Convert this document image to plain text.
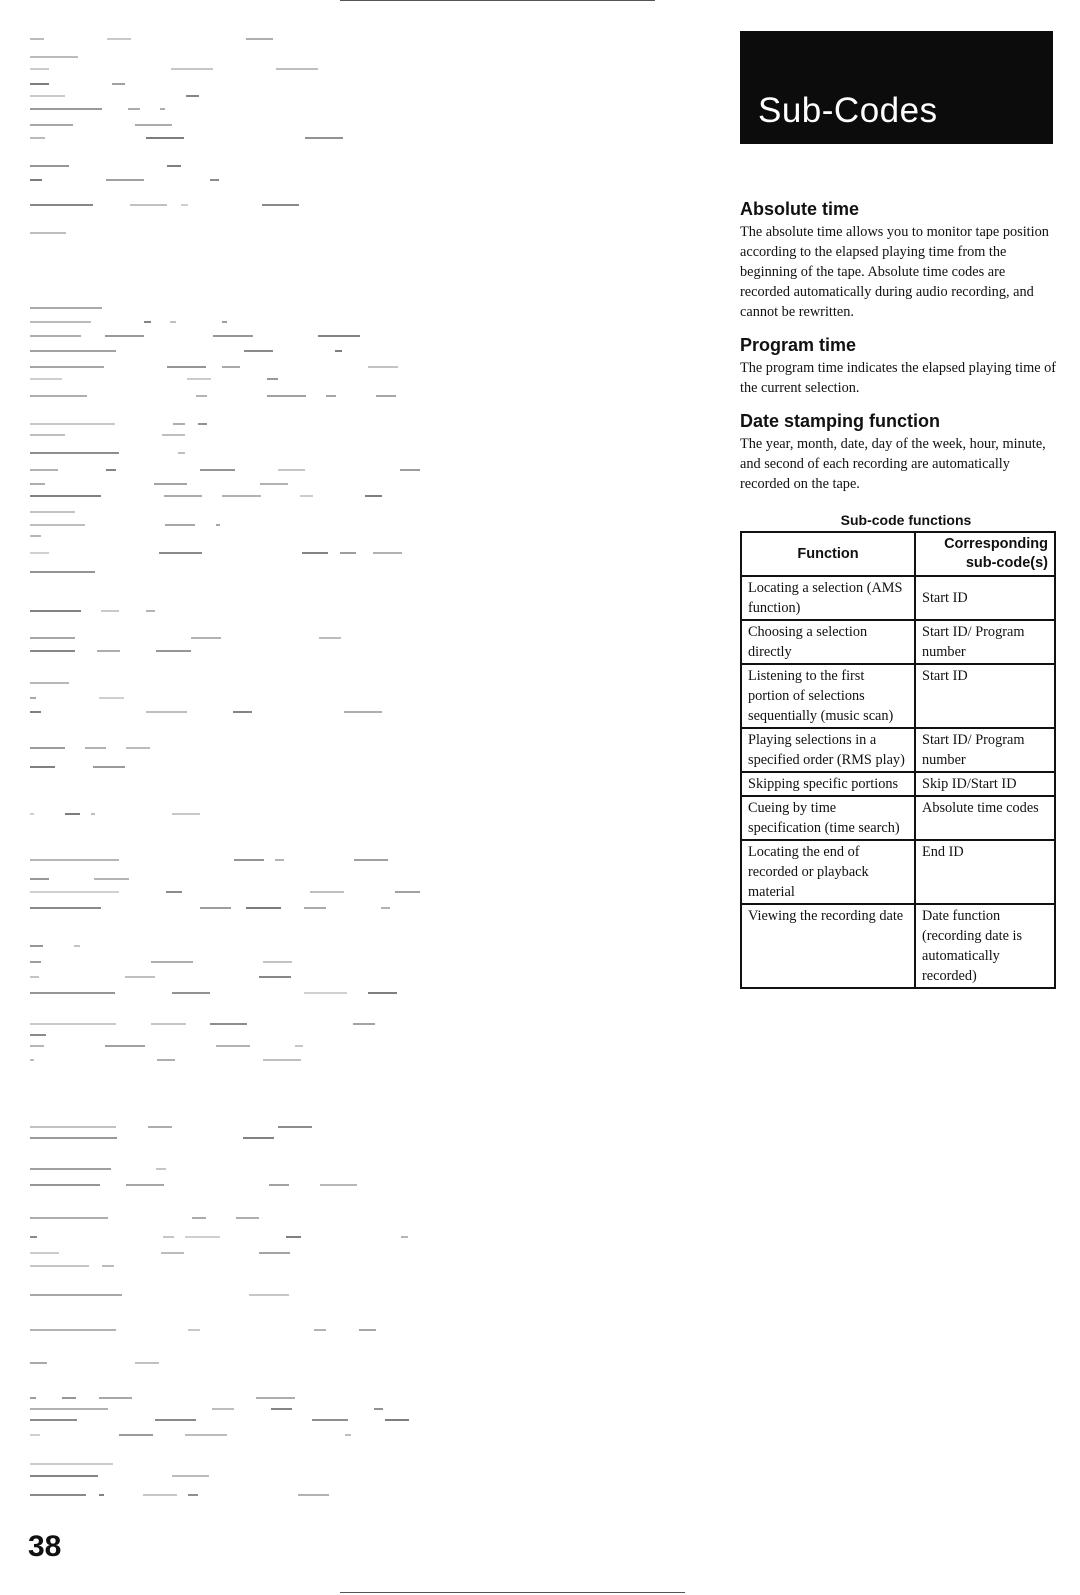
38
Sub-Codes
Absolute time

The absolute time allows you to monitor tape position according to the elapsed playing time from the beginning of the tape. Absolute time codes are recorded automatically during audio recording, and cannot be rewritten.

Program time

The program time indicates the elapsed playing time of the current selection.

Date stamping function

The year, month, date, day of the week, hour, minute, and second of each recording are automatically recorded on the tape.

Sub-code functions
Function	Corresponding sub-code(s)
Locating a selection (AMS function)	Start ID
Choosing a selection directly	Start ID/ Program number
Listening to the first portion of selections sequentially (music scan)	Start ID
Playing selections in a specified order (RMS play)	Start ID/ Program number
Skipping specific portions	Skip ID/Start ID
Cueing by time specification (time search)	Absolute time codes
Locating the end of recorded or playback material	End ID
Viewing the recording date	Date function (recording date is automatically recorded)
